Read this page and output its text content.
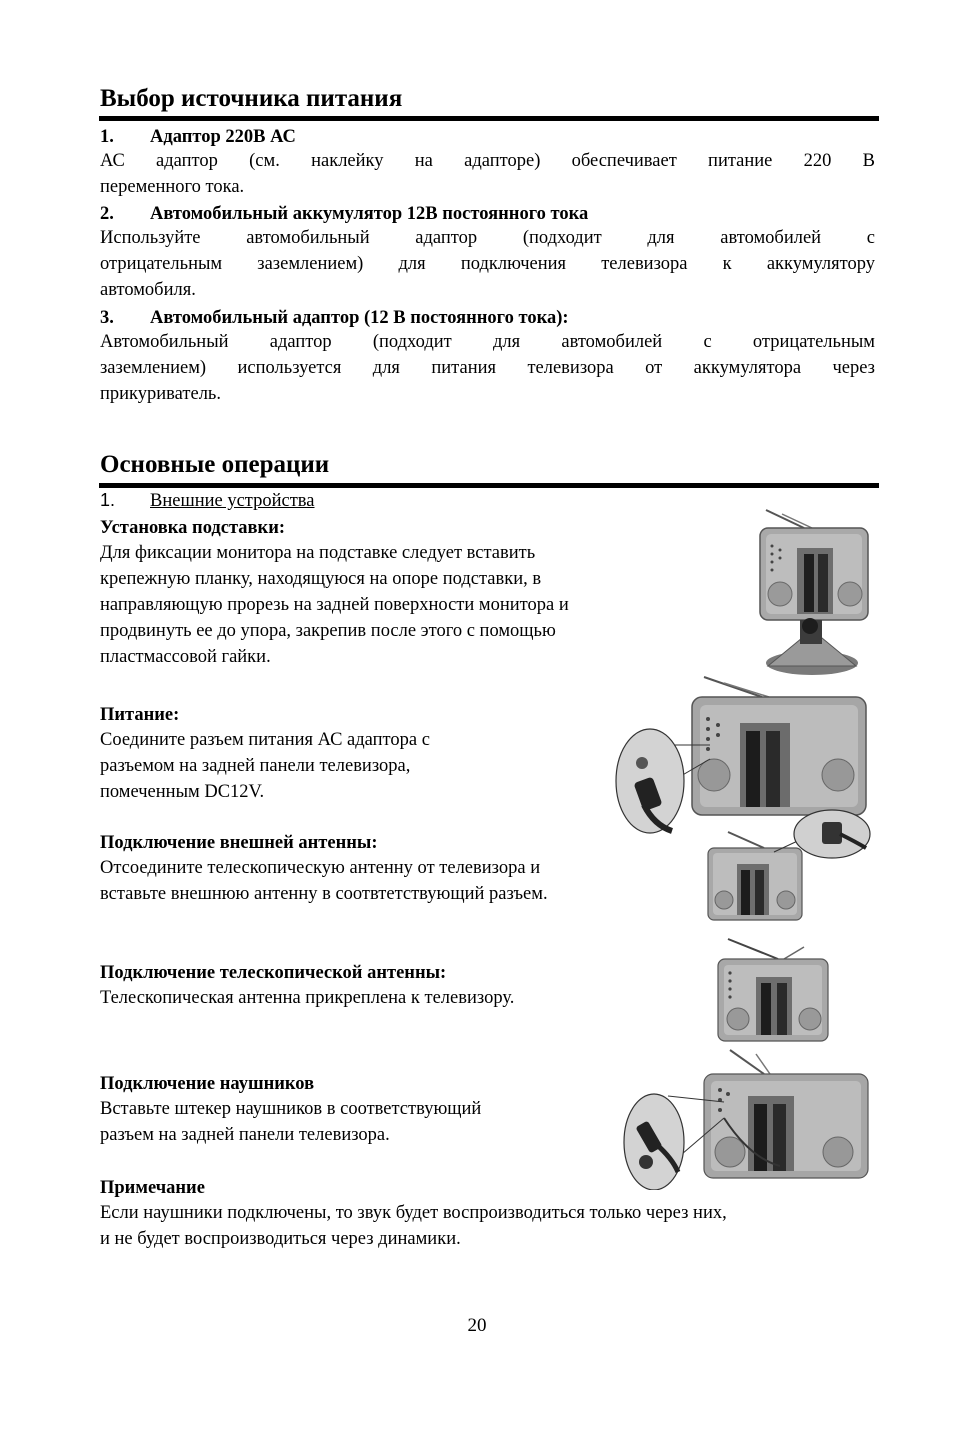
Выбор источника питания
1. Адаптор 220В АС
АС адаптор (см. наклейку на адапторе) обеспечивает питание 220 В
переменного тока.
2. Автомобильный аккумулятор 12В постоянного тока
Используйте автомобильный адаптор (подходит для автомобилей с
отрицательным заземлением) для подключения телевизора к аккумулятору
автомобиля.
3. Автомобильный адаптор (12 В постоянного тока):
Автомобильный адаптор (подходит для автомобилей с отрицательным
заземлением) используется для питания телевизора от аккумулятора через
прикуриватель.
Основные операции
1. Внешние устройства
Установка подставки:
Для фиксации монитора на подставке следует вставить
крепежную планку, находящуюся на опоре подставки, в
направляющую прорезь на задней поверхности монитора и
продвинуть ее до упора, закрепив после этого с помощью
пластмассовой гайки.
Питание:
Соедините разъем питания АС адаптора с
разъемом на задней панели телевизора,
помеченным DC12V.
Подключение внешней антенны:
Отсоедините телескопическую антенну от телевизора и
вставьте внешнюю антенну в соотвтетствующий разъем.
Подключение телескопической антенны:
Телескопическая антенна прикреплена к телевизору.
Подключение наушников
Вставьте штекер наушников в соответствующий
разъем на задней панели телевизора.
Примечание
Если наушники подключены, то звук будет воспроизводиться только через них,
и не будет воспроизводиться через динамики.
20
